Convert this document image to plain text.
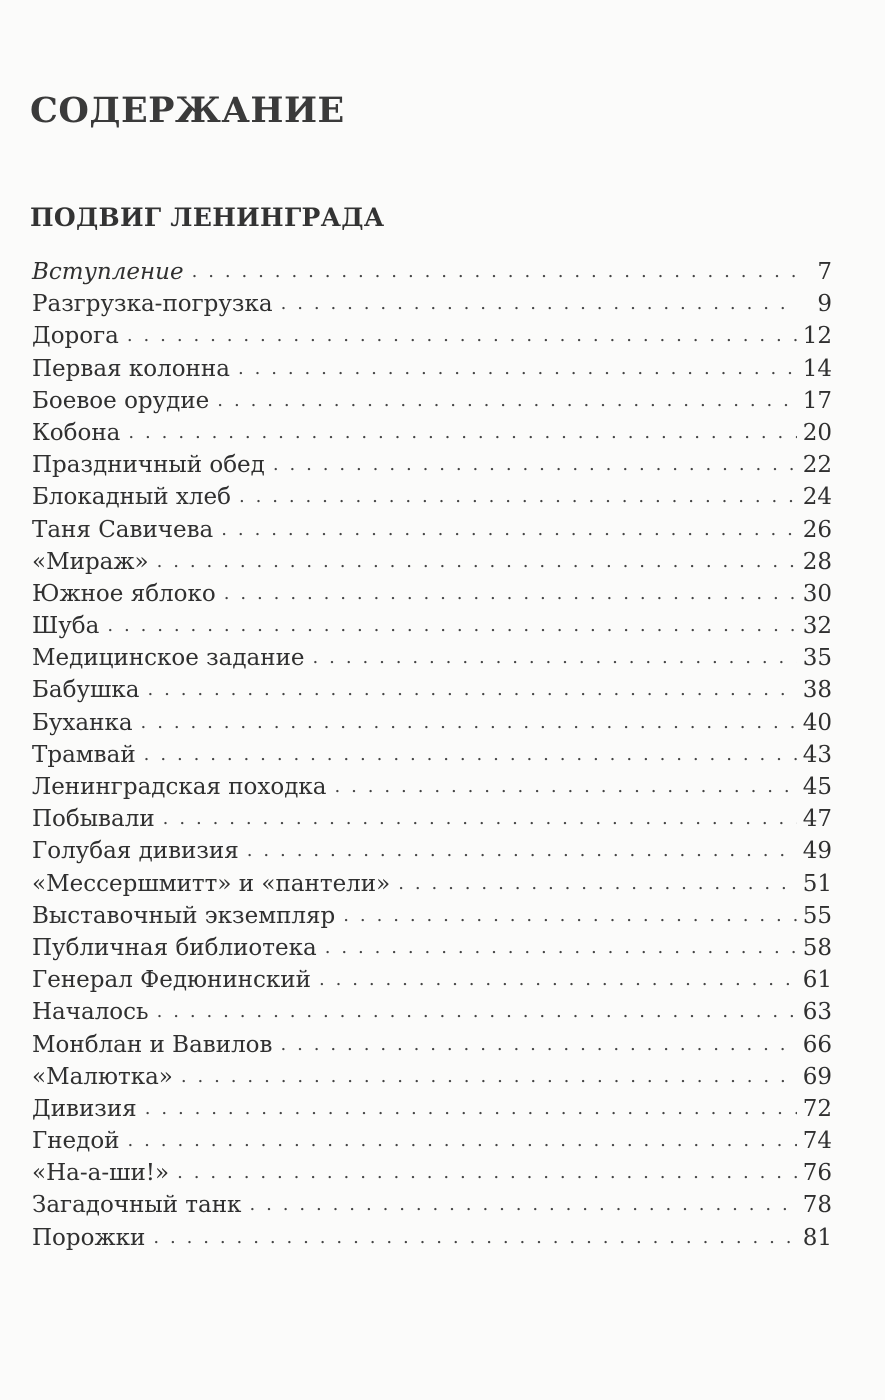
СОДЕРЖАНИЕ
ПОДВИГ ЛЕНИНГРАДА
Вступление . . .	7
Разгрузка-погрузка . . .	9
Дорога . . .	12
Первая колонна . . .	14
Боевое орудие . . .	17
Кобона . . .	20
Праздничный обед . . .	22
Блокадный хлеб . . .	24
Таня Савичева . . .	26
«Мираж» . . .	28
Южное яблоко . . .	30
Шуба . . .	32
Медицинское задание . . .	35
Бабушка . . .	38
Буханка . . .	40
Трамвай . . .	43
Ленинградская походка . . .	45
Побывали . . .	47
Голубая дивизия . . .	49
«Мессершмитт» и «пантели» . . .	51
Выставочный экземпляр . . .	55
Публичная библиотека . . .	58
Генерал Федюнинский . . .	61
Началось . . .	63
Монблан и Вавилов . . .	66
«Малютка» . . .	69
Дивизия . . .	72
Гнедой . . .	74
«На-а-ши!» . . .	76
Загадочный танк . . .	78
Порожки . . .	81
